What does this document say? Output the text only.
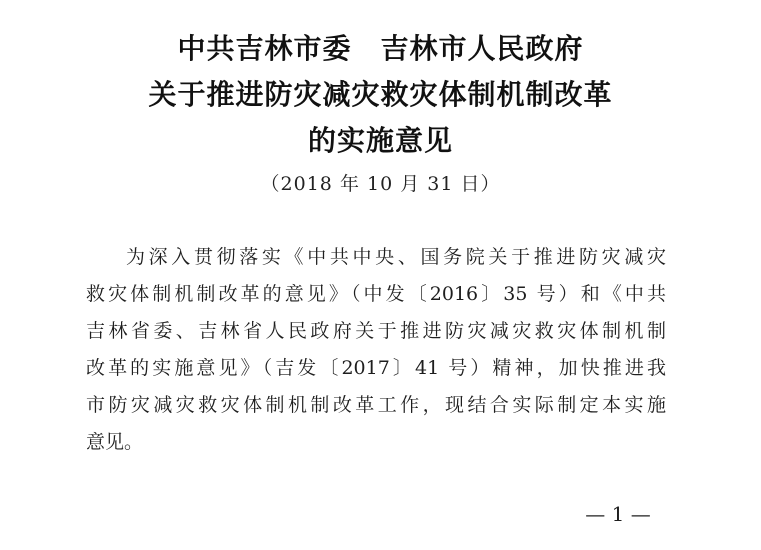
中共吉林市委　吉林市人民政府
关于推进防灾减灾救灾体制机制改革
的实施意见
（2018 年 10 月 31 日）
为深入贯彻落实《中共中央、国务院关于推进防灾减灾
救灾体制机制改革的意见》（中发〔2016〕35 号）和《中共
吉林省委、吉林省人民政府关于推进防灾减灾救灾体制机制
改革的实施意见》（吉发〔2017〕41 号）精神，加快推进我
市防灾减灾救灾体制机制改革工作，现结合实际制定本实施
意见。
— 1 —
